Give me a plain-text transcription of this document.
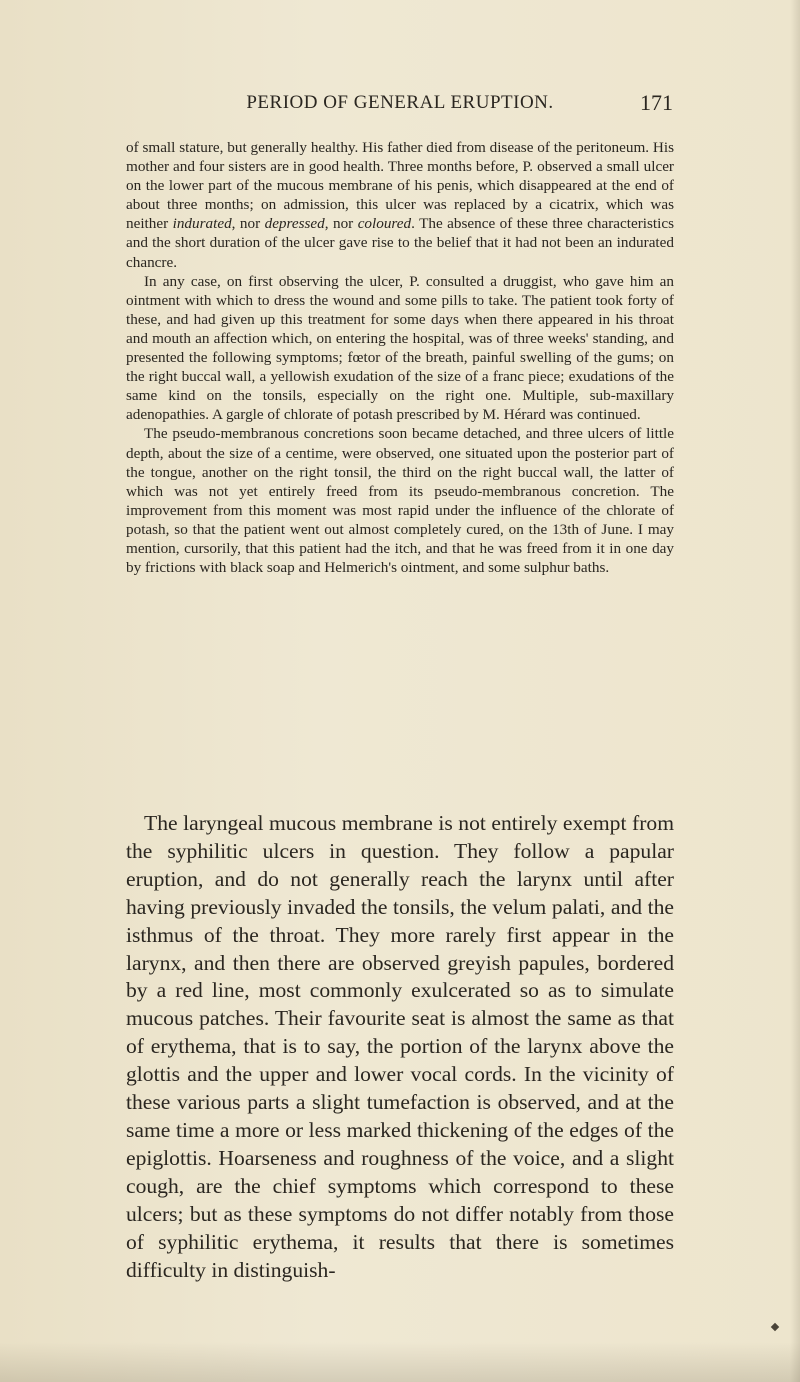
PERIOD OF GENERAL ERUPTION.	171

of small stature, but generally healthy. His father died from disease of the peritoneum. His mother and four sisters are in good health. Three months before, P. observed a small ulcer on the lower part of the mucous membrane of his penis, which disappeared at the end of about three months; on admission, this ulcer was replaced by a cicatrix, which was neither indurated, nor depressed, nor coloured. The absence of these three characteristics and the short duration of the ulcer gave rise to the belief that it had not been an indurated chancre.

In any case, on first observing the ulcer, P. consulted a druggist, who gave him an ointment with which to dress the wound and some pills to take. The patient took forty of these, and had given up this treatment for some days when there appeared in his throat and mouth an affection which, on entering the hospital, was of three weeks' standing, and presented the following symptoms; fœtor of the breath, painful swelling of the gums; on the right buccal wall, a yellowish exudation of the size of a franc piece; exudations of the same kind on the tonsils, especially on the right one. Multiple, sub-maxillary adenopathies. A gargle of chlorate of potash prescribed by M. Hérard was continued.

The pseudo-membranous concretions soon became detached, and three ulcers of little depth, about the size of a centime, were observed, one situated upon the posterior part of the tongue, another on the right tonsil, the third on the right buccal wall, the latter of which was not yet entirely freed from its pseudo-membranous concretion. The improvement from this moment was most rapid under the influence of the chlorate of potash, so that the patient went out almost completely cured, on the 13th of June. I may mention, cursorily, that this patient had the itch, and that he was freed from it in one day by frictions with black soap and Helmerich's ointment, and some sulphur baths.

The laryngeal mucous membrane is not entirely exempt from the syphilitic ulcers in question. They follow a papular eruption, and do not generally reach the larynx until after having previously invaded the tonsils, the velum palati, and the isthmus of the throat. They more rarely first appear in the larynx, and then there are observed greyish papules, bordered by a red line, most commonly exulcerated so as to simulate mucous patches. Their favourite seat is almost the same as that of erythema, that is to say, the portion of the larynx above the glottis and the upper and lower vocal cords. In the vicinity of these various parts a slight tumefaction is observed, and at the same time a more or less marked thickening of the edges of the epiglottis. Hoarseness and roughness of the voice, and a slight cough, are the chief symptoms which correspond to these ulcers; but as these symptoms do not differ notably from those of syphilitic erythema, it results that there is sometimes difficulty in distinguish-
